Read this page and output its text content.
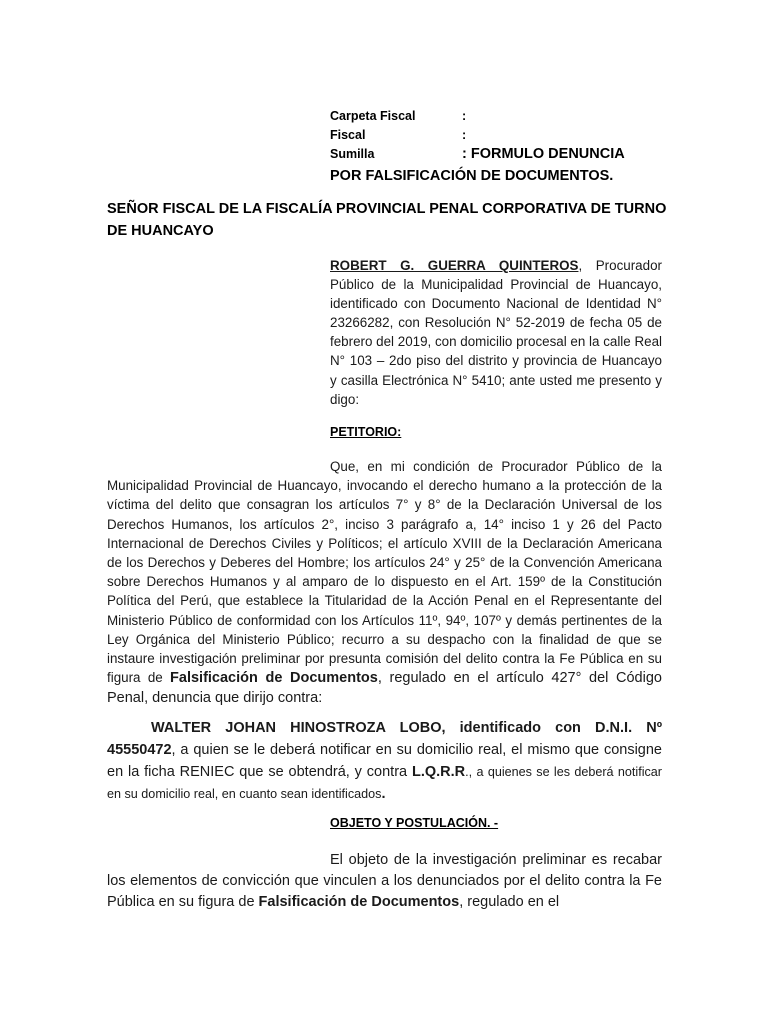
Carpeta Fiscal	:
Fiscal	:
Sumilla	: FORMULO DENUNCIA
POR FALSIFICACIÓN DE DOCUMENTOS.
SEÑOR FISCAL DE LA FISCALÍA PROVINCIAL PENAL CORPORATIVA DE TURNO DE HUANCAYO
ROBERT G. GUERRA QUINTEROS, Procurador Público de la Municipalidad Provincial de Huancayo, identificado con Documento Nacional de Identidad N° 23266282, con Resolución N° 52-2019 de fecha 05 de febrero del 2019, con domicilio procesal en la calle Real N° 103 – 2do piso del distrito y provincia de Huancayo y casilla Electrónica N° 5410; ante usted me presento y digo:
PETITORIO:
Que, en mi condición de Procurador Público de la Municipalidad Provincial de Huancayo, invocando el derecho humano a la protección de la víctima del delito que consagran los artículos 7° y 8° de la Declaración Universal de los Derechos Humanos, los artículos 2°, inciso 3 parágrafo a, 14° inciso 1 y 26 del Pacto Internacional de Derechos Civiles y Políticos; el artículo XVIII de la Declaración Americana de los Derechos y Deberes del Hombre; los artículos 24° y 25° de la Convención Americana sobre Derechos Humanos y al amparo de lo dispuesto en el Art. 159º de la Constitución Política del Perú, que establece la Titularidad de la Acción Penal en el Representante del Ministerio Público de conformidad con los Artículos 11º, 94º, 107º y demás pertinentes de la Ley Orgánica del Ministerio Público; recurro a su despacho con la finalidad de que se instaure investigación preliminar por presunta comisión del delito contra la Fe Pública en su figura de Falsificación de Documentos, regulado en el artículo 427° del Código Penal, denuncia que dirijo contra:
WALTER JOHAN HINOSTROZA LOBO, identificado con D.N.I. Nº 45550472, a quien se le deberá notificar en su domicilio real, el mismo que consigne en la ficha RENIEC que se obtendrá, y contra L.Q.R.R., a quienes se les deberá notificar en su domicilio real, en cuanto sean identificados.
OBJETO Y POSTULACIÓN. -
El objeto de la investigación preliminar es recabar los elementos de convicción que vinculen a los denunciados por el delito contra la Fe Pública en su figura de Falsificación de Documentos, regulado en el
